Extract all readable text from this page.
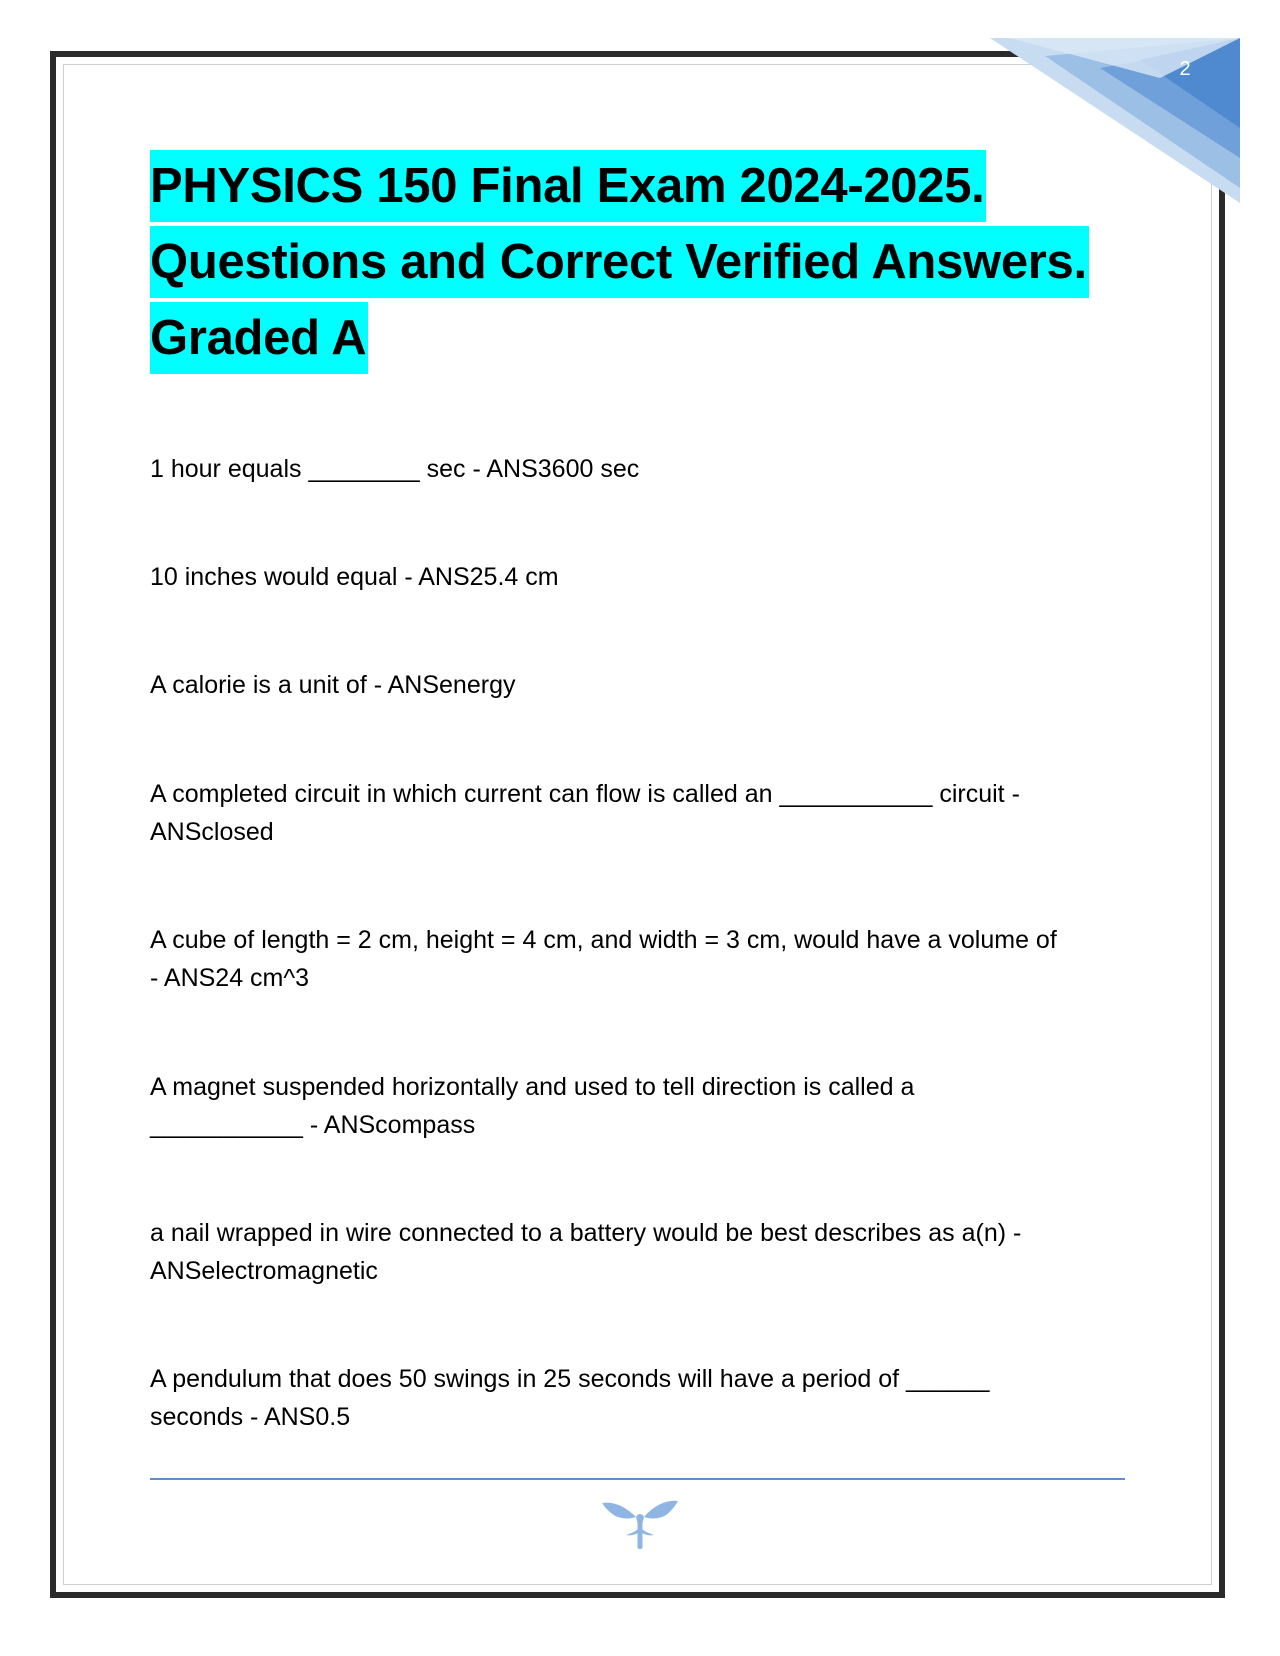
2
PHYSICS 150 Final Exam 2024-2025.
Questions and Correct Verified Answers.
Graded A
1 hour equals ________ sec - ANS3600 sec
10 inches would equal - ANS25.4 cm
A calorie is a unit of - ANSenergy
A completed circuit in which current can flow is called an ___________ circuit -
ANSclosed
A cube of length = 2 cm, height = 4 cm, and width = 3 cm, would have a volume of
- ANS24 cm^3
A magnet suspended horizontally and used to tell direction is called a
___________ - ANScompass
a nail wrapped in wire connected to a battery would be best describes as a(n) -
ANSelectromagnetic
A pendulum that does 50 swings in 25 seconds will have a period of ______
seconds - ANS0.5
